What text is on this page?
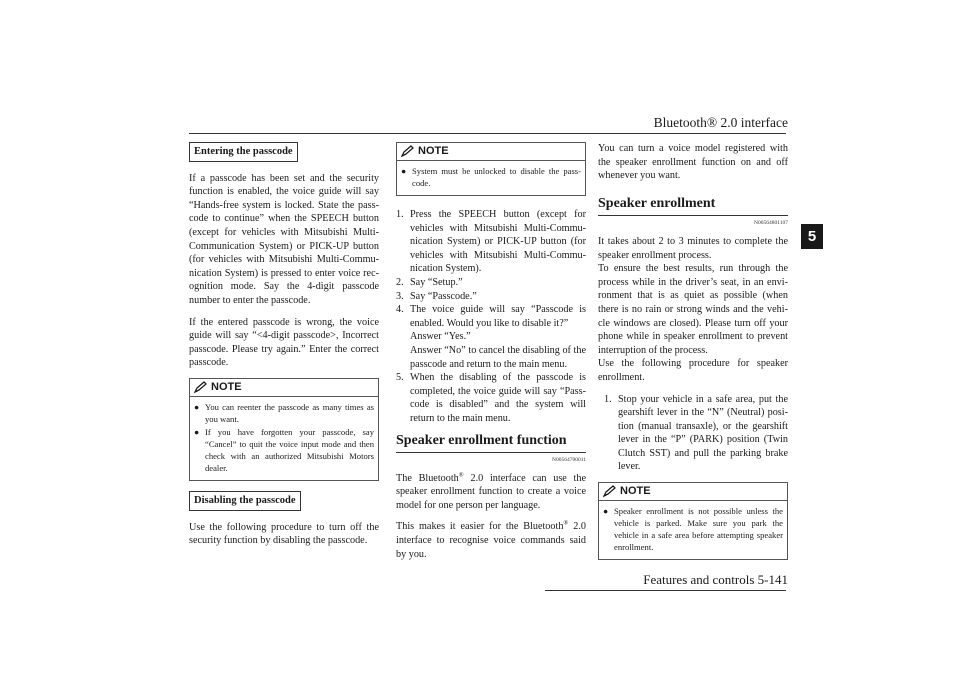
Bluetooth® 2.0 interface
5
Entering the passcode

If a passcode has been set and the security function is enabled, the voice guide will say “Hands-free system is locked. State the pass-code to continue” when the SPEECH button (except for vehicles with Mitsubishi Multi-Communication System) or PICK-UP button (for vehicles with Mitsubishi Multi-Commu-nication System) is pressed to enter voice rec-ognition mode. Say the 4-digit passcode number to enter the passcode.

If the entered passcode is wrong, the voice guide will say “<4-digit passcode>, Incorrect passcode. Please try again.” Enter the correct passcode.

NOTE
● You can reenter the passcode as many times as you want.
● If you have forgotten your passcode, say “Cancel” to quit the voice input mode and then check with an authorized Mitsubishi Motors dealer.
Disabling the passcode

Use the following procedure to turn off the security function by disabling the passcode.

NOTE
● System must be unlocked to disable the pass-code.
1. Press the SPEECH button (except for vehicles with Mitsubishi Multi-Commu-nication System) or PICK-UP button (for vehicles with Mitsubishi Multi-Commu-nication System).
2. Say “Setup.”
3. Say “Passcode.”
4. The voice guide will say “Passcode is enabled. Would you like to disable it?”
Answer “Yes.”
Answer “No” to cancel the disabling of the passcode and return to the main menu.
5. When the disabling of the passcode is completed, the voice guide will say “Pass-code is disabled” and the system will return to the main menu.
Speaker enrollment function
N00564700011

The Bluetooth® 2.0 interface can use the speaker enrollment function to create a voice model for one person per language.

This makes it easier for the Bluetooth® 2.0 interface to recognise voice commands said by you.

You can turn a voice model registered with the speaker enrollment function on and off whenever you want.

Speaker enrollment
N00564801107

It takes about 2 to 3 minutes to complete the speaker enrollment process.

To ensure the best results, run through the process while in the driver’s seat, in an envi-ronment that is as quiet as possible (when there is no rain or strong winds and the vehi-cle windows are closed). Please turn off your phone while in speaker enrollment to prevent interruption of the process.

Use the following procedure for speaker enrollment.

1. Stop your vehicle in a safe area, put the gearshift lever in the “N” (Neutral) posi-tion (manual transaxle), or the gearshift lever in the “P” (PARK) position (Twin Clutch SST) and pull the parking brake lever.
NOTE
● Speaker enrollment is not possible unless the vehicle is parked. Make sure you park the vehicle in a safe area before attempting speaker enrollment.
Features and controls 5-141
